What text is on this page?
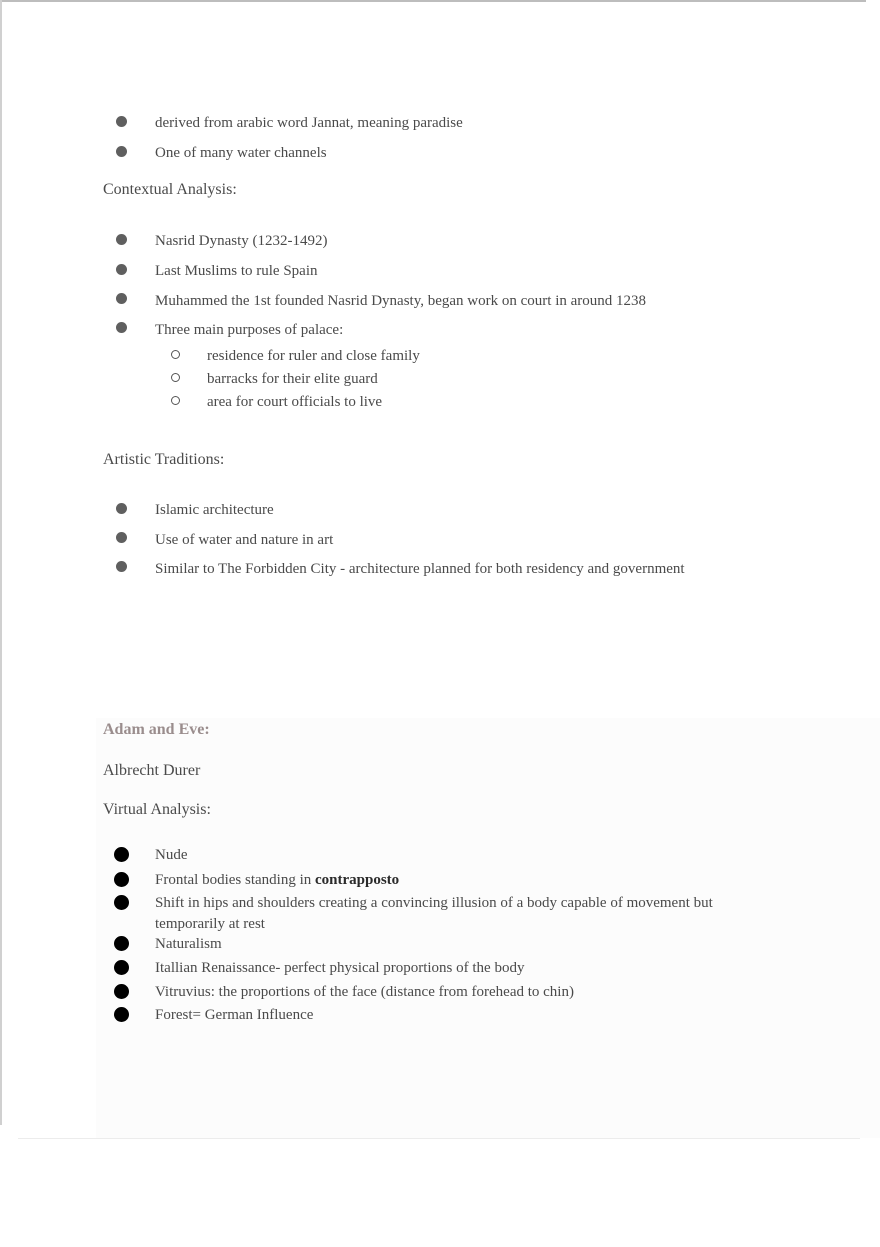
derived from arabic word Jannat, meaning paradise
One of many water channels
Contextual Analysis:
Nasrid Dynasty (1232-1492)
Last Muslims to rule Spain
Muhammed the 1st founded Nasrid Dynasty, began work on court in around 1238
Three main purposes of palace:
residence for ruler and close family
barracks for their elite guard
area for court officials to live
Artistic Traditions:
Islamic architecture
Use of water and nature in art
Similar to The Forbidden City - architecture planned for both residency and government
Adam and Eve:
Albrecht Durer
Virtual Analysis:
Nude
Frontal bodies standing in contrapposto
Shift in hips and shoulders creating a convincing illusion of a body capable of movement but
temporarily at rest
Naturalism
Itallian Renaissance- perfect physical proportions of the body
Vitruvius: the proportions of the face (distance from forehead to chin)
Forest= German Influence
